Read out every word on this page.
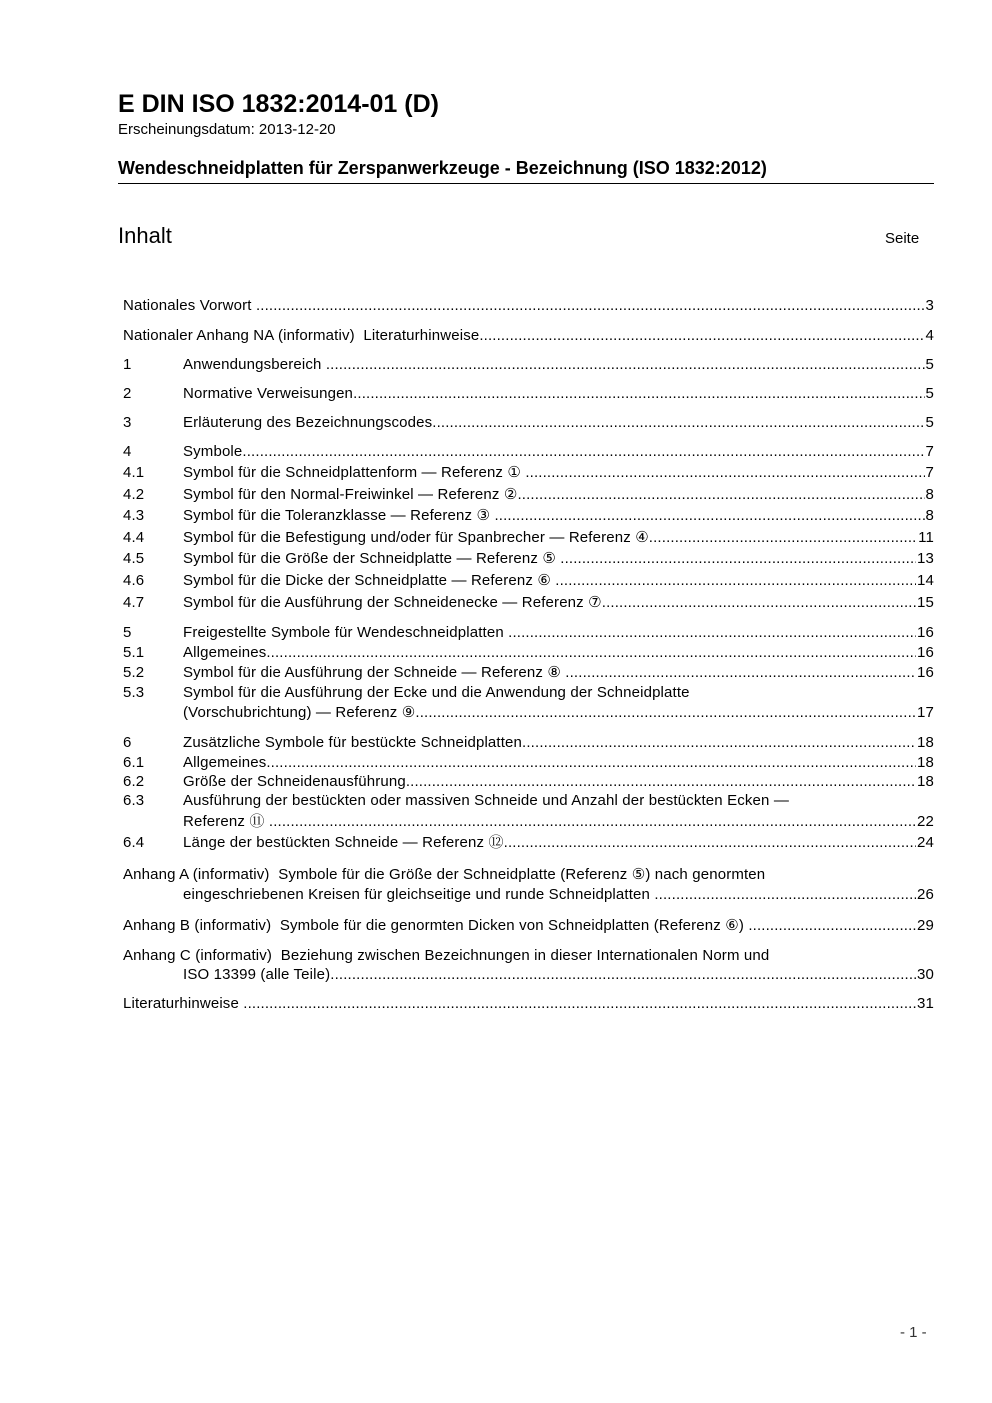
E DIN ISO 1832:2014-01 (D)
Erscheinungsdatum: 2013-12-20
Wendeschneidplatten für Zerspanwerkzeuge - Bezeichnung (ISO 1832:2012)
Inhalt	Seite
Nationales Vorwort .....	3
Nationaler Anhang NA (informativ) Literaturhinweise .....	4
1	Anwendungsbereich .....	5
2	Normative Verweisungen .....	5
3	Erläuterung des Bezeichnungscodes .....	5
4	Symbole .....	7
4.1	Symbol für die Schneidplattenform — Referenz ① .....	7
4.2	Symbol für den Normal-Freiwinkel — Referenz ② .....	8
4.3	Symbol für die Toleranzklasse — Referenz ③ .....	8
4.4	Symbol für die Befestigung und/oder für Spanbrecher — Referenz ④ .....	11
4.5	Symbol für die Größe der Schneidplatte — Referenz ⑤ .....	13
4.6	Symbol für die Dicke der Schneidplatte — Referenz ⑥ .....	14
4.7	Symbol für die Ausführung der Schneidenecke — Referenz ⑦ .....	15
5	Freigestellte Symbole für Wendeschneidplatten .....	16
5.1	Allgemeines .....	16
5.2	Symbol für die Ausführung der Schneide — Referenz ⑧ .....	16
5.3	Symbol für die Ausführung der Ecke und die Anwendung der Schneidplatte
(Vorschubrichtung) — Referenz ⑨ .....	17
6	Zusätzliche Symbole für bestückte Schneidplatten .....	18
6.1	Allgemeines .....	18
6.2	Größe der Schneidenausführung .....	18
6.3	Ausführung der bestückten oder massiven Schneide und Anzahl der bestückten Ecken —
Referenz ⑪ .....	22
6.4	Länge der bestückten Schneide — Referenz ⑫ .....	24
Anhang A (informativ) Symbole für die Größe der Schneidplatte (Referenz ⑤) nach genormten
eingeschriebenen Kreisen für gleichseitige und runde Schneidplatten .....	26
Anhang B (informativ) Symbole für die genormten Dicken von Schneidplatten (Referenz ⑥) .....	29
Anhang C (informativ) Beziehung zwischen Bezeichnungen in dieser Internationalen Norm und
ISO 13399 (alle Teile) .....	30
Literaturhinweise .....	31
- 1 -
